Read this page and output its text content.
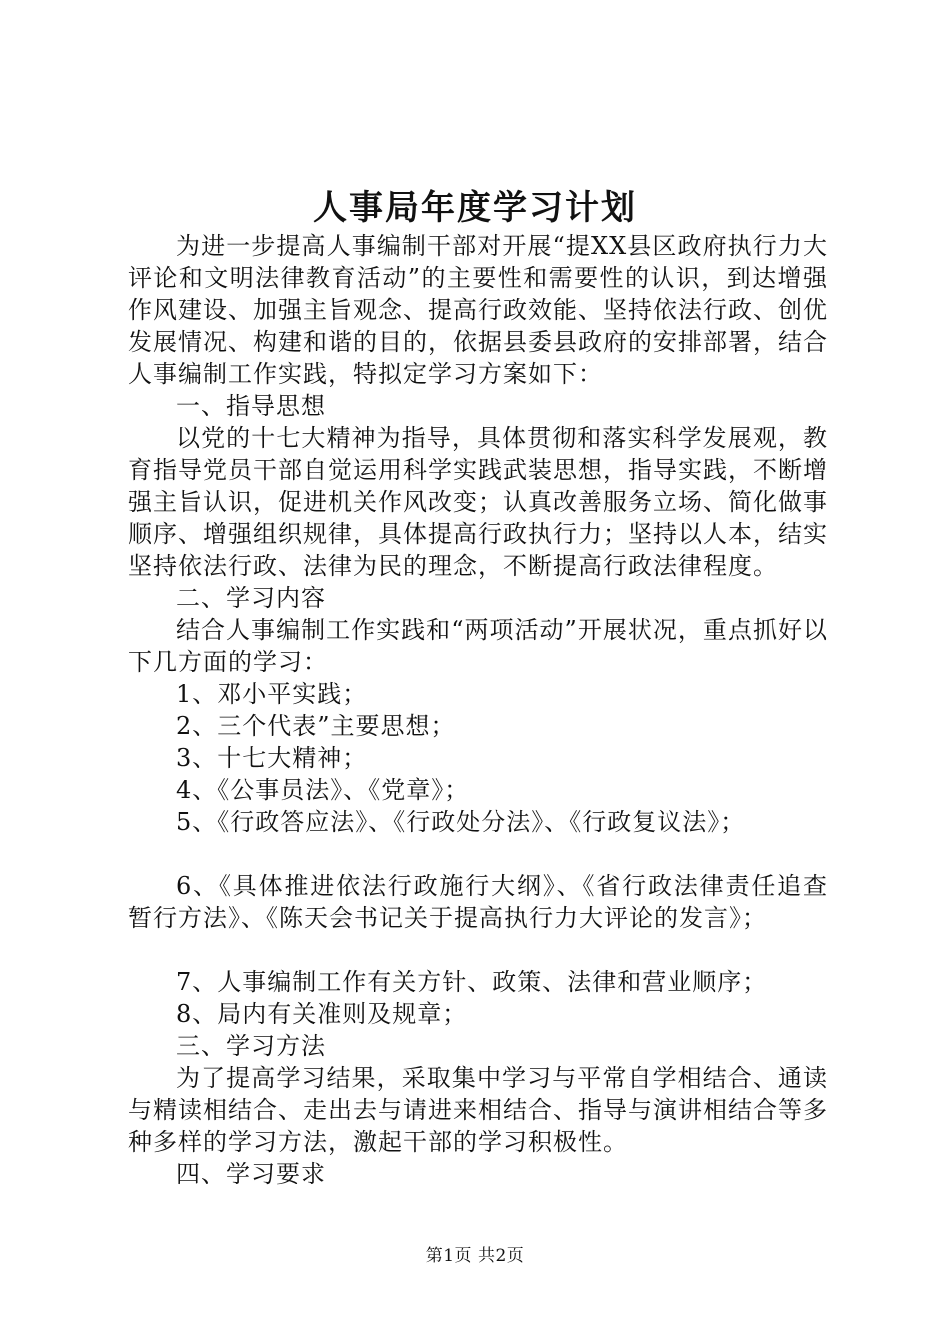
人事局年度学习计划

为进一步提高人事编制干部对开展“提XX县区政府执行力大评论和文明法律教育活动”的主要性和需要性的认识，到达增强作风建设、加强主旨观念、提高行政效能、坚持依法行政、创优发展情况、构建和谐的目的，依据县委县政府的安排部署，结合人事编制工作实践，特拟定学习方案如下：

一、指导思想

以党的十七大精神为指导，具体贯彻和落实科学发展观，教育指导党员干部自觉运用科学实践武装思想，指导实践，不断增强主旨认识，促进机关作风改变；认真改善服务立场、简化做事顺序、增强组织规律，具体提高行政执行力；坚持以人本，结实坚持依法行政、法律为民的理念，不断提高行政法律程度。

二、学习内容

结合人事编制工作实践和“两项活动”开展状况，重点抓好以下几方面的学习：

1、邓小平实践；

2、三个代表”主要思想；

3、十七大精神；

4、《公事员法》、《党章》；

5、《行政答应法》、《行政处分法》、《行政复议法》；

6、《具体推进依法行政施行大纲》、《省行政法律责任追查暂行方法》、《陈天会书记关于提高执行力大评论的发言》；

7、人事编制工作有关方针、政策、法律和营业顺序；

8、局内有关准则及规章；

三、学习方法

为了提高学习结果，采取集中学习与平常自学相结合、通读与精读相结合、走出去与请进来相结合、指导与演讲相结合等多种多样的学习方法，激起干部的学习积极性。

四、学习要求

第1页 共2页
